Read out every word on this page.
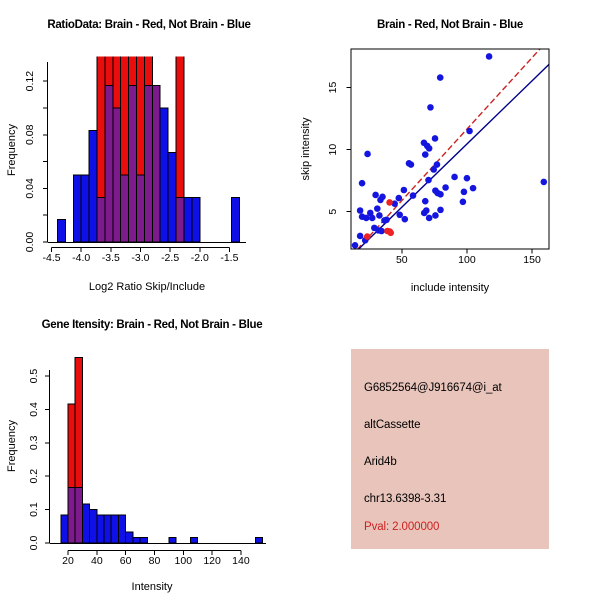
-4.5 -4.0 -3.5 -3.0 -2.5 -2.0 -1.5
0.00
0.04
0.08
0.12
RatioData: Brain - Red, Not Brain - Blue
Log2 Ratio Skip/Include
Frequency
50	100	150
5
10
15
Brain - Red, Not Brain - Blue
include intensity
skip intensity
20 40 60 80 100 120 140
0.0
0.1
0.2
0.3
0.4
0.5
Gene Itensity: Brain - Red, Not Brain - Blue
Intensity
Frequency
G6852564@J916674@i_at
altCassette
Arid4b
chr13.6398-3.31
Pval: 2.000000
